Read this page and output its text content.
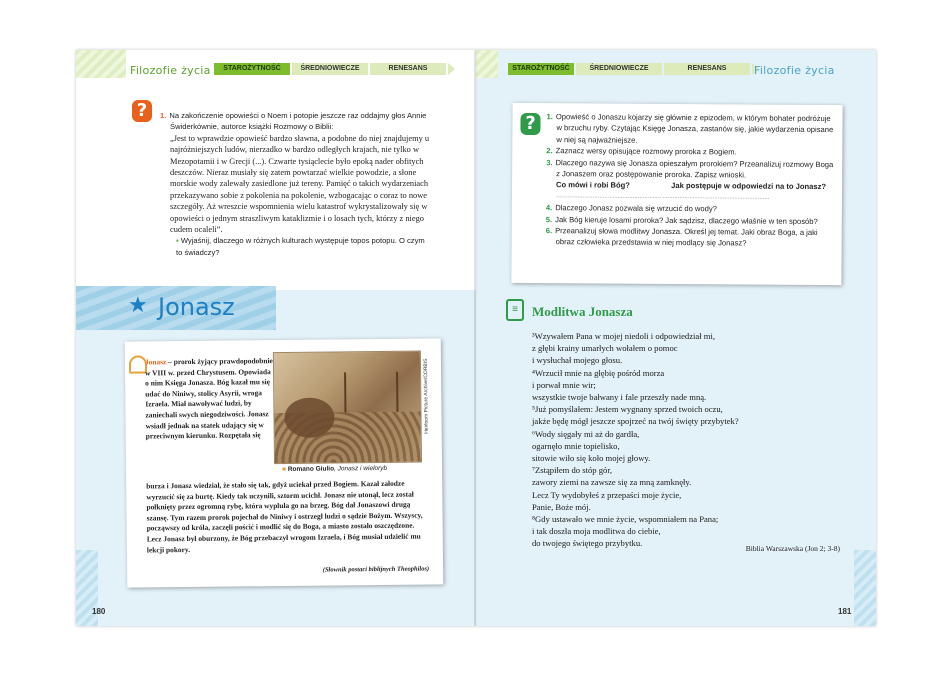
Filozofie życia	STAROŻYTNOŚĆ	ŚREDNIOWIECZE	RENESANS
?	1. Na zakończenie opowieści o Noem i potopie jeszcze raz oddajmy głos Annie Świderkównie, autorce książki Rozmowy o Biblii:
„Jest to wprawdzie opowieść bardzo sławna, a podobne do niej znajdujemy u najróżniejszych ludów, nierzadko w bardzo odległych krajach, nie tylko w Mezopotamii i w Grecji (...). Czwarte tysiąclecie było epoką nader obfitych deszczów. Nieraz musiały się zatem powtarzać wielkie powodzie, a słone morskie wody zalewały zasiedlone już tereny. Pamięć o takich wydarzeniach przekazywano sobie z pokolenia na pokolenie, wzbogacając o coraz to nowe szczegóły. Aż wreszcie wspomnienia wielu katastrof wykrystalizowały się w opowieści o jednym straszliwym kataklizmie i o losach tych, którzy z niego cudem ocaleli”.
▪ Wyjaśnij, dlaczego w różnych kulturach występuje topos potopu. O czym to świadczy?
★ Jonasz
Jonasz – prorok żyjący prawdopodobnie w VIII w. przed Chrystusem. Opowiada o nim Księga Jonasza. Bóg kazał mu się udać do Niniwy, stolicy Asyrii, wroga Izraela. Miał nawoływać ludzi, by zaniechali swych niegodziwości. Jonasz wsiadł jednak na statek udający się w przeciwnym kierunku. Rozpętała się
Heirloom Picture Archive/CORBIS
■ Romano Giulio, Jonasz i wieloryb
burza i Jonasz wiedział, że stało się tak, gdyż uciekał przed Bogiem. Kazał załodze wyrzucić się za burtę. Kiedy tak uczynili, sztorm ucichł. Jonasz nie utonął, lecz został połknięty przez ogromną rybę, która wypluła go na brzeg. Bóg dał Jonaszowi drugą szansę. Tym razem prorok pojechał do Niniwy i ostrzegł ludzi o sądzie Bożym. Wszyscy, począwszy od króla, zaczęli pościć i modlić się do Boga, a miasto zostało oszczędzone. Lecz Jonasz był oburzony, że Bóg przebaczył wrogom Izraela, i Bóg musiał udzielić mu lekcji pokory.
(Słownik postaci biblijnych Theophilos)
180
STAROŻYTNOŚĆ	ŚREDNIOWIECZE	RENESANS	Filozofie życia
?	1. Opowieść o Jonaszu kojarzy się głównie z epizodem, w którym bohater podróżuje w brzuchu ryby. Czytając Księgę Jonasza, zastanów się, jakie wydarzenia opisane w niej są najważniejsze.
2. Zaznacz wersy opisujące rozmowy proroka z Bogiem.
3. Dlaczego nazywa się Jonasza opieszałym prorokiem? Przeanalizuj rozmowy Boga z Jonaszem oraz postępowanie proroka. Zapisz wnioski.
Co mówi i robi Bóg?	Jak postępuje w odpowiedzi na to Jonasz?
............................................................... ................................................................
4. Dlaczego Jonasz pozwala się wrzucić do wody?
5. Jak Bóg kieruje losami proroka? Jak sądzisz, dlaczego właśnie w ten sposób?
6. Przeanalizuj słowa modlitwy Jonasza. Określ jej temat. Jaki obraz Boga, a jaki obraz człowieka przedstawia w niej modlący się Jonasz?
≡	Modlitwa Jonasza
³Wzywałem Pana w mojej niedoli i odpowiedział mi,
z głębi krainy umarłych wołałem o pomoc
i wysłuchał mojego głosu.
⁴Wrzucił mnie na głębię pośród morza
i porwał mnie wir;
wszystkie twoje bałwany i fale przeszły nade mną.
⁵Już pomyślałem: Jestem wygnany sprzed twoich oczu,
jakże będę mógł jeszcze spojrzeć na twój święty przybytek?
⁶Wody sięgały mi aż do gardła,
ogarnęło mnie topielisko,
sitowie wiło się koło mojej głowy.
⁷Zstąpiłem do stóp gór,
zawory ziemi na zawsze się za mną zamknęły.
Lecz Ty wydobyłeś z przepaści moje życie,
Panie, Boże mój.
⁸Gdy ustawało we mnie życie, wspomniałem na Pana;
i tak doszła moja modlitwa do ciebie,
do twojego świętego przybytku.
Biblia Warszawska (Jon 2; 3-8)
181
